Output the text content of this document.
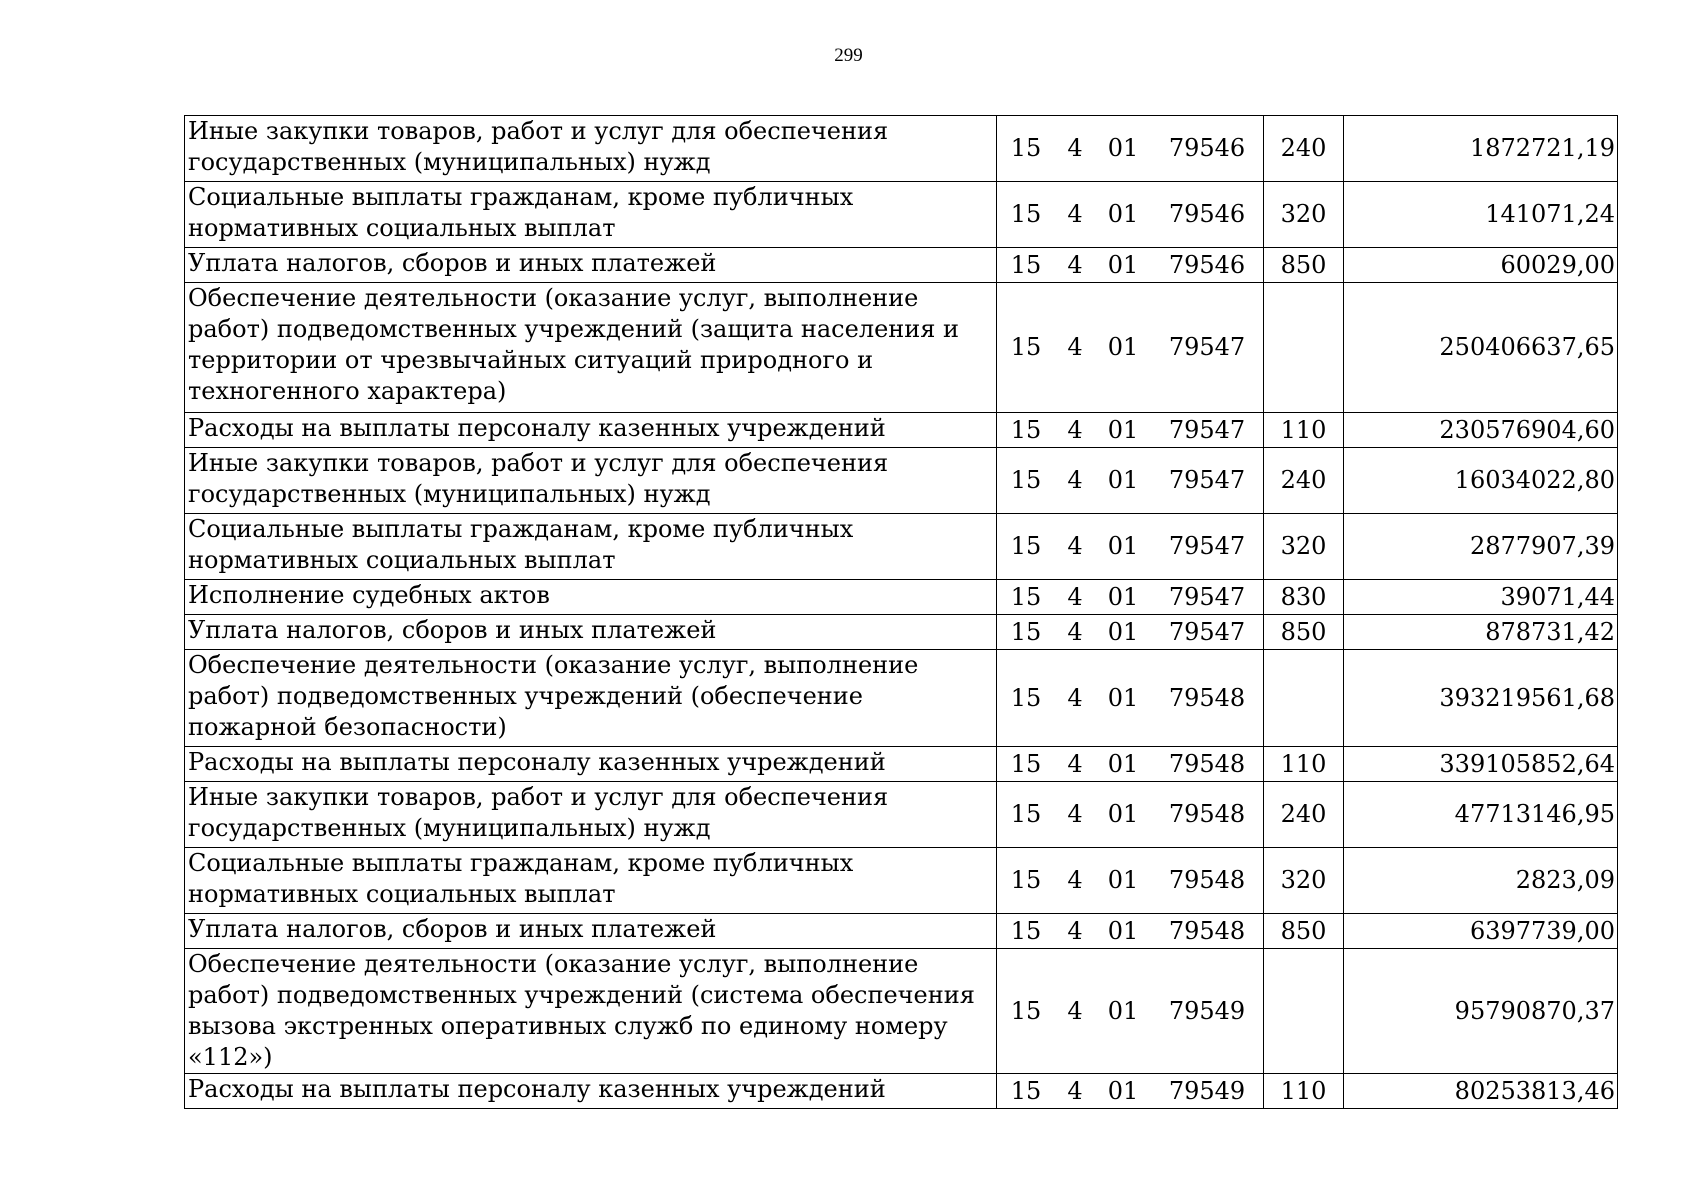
299
Иные закупки товаров, работ и услуг для обеспечения государственных (муниципальных) нужд	15 4 01 79546	240	1872721,19
Социальные выплаты гражданам, кроме публичных нормативных социальных выплат	15 4 01 79546	320	141071,24
Уплата налогов, сборов и иных платежей	15 4 01 79546	850	60029,00
Обеспечение деятельности (оказание услуг, выполнение работ) подведомственных учреждений (защита населения и территории от чрезвычайных ситуаций природного и техногенного характера)	15 4 01 79547		250406637,65
Расходы на выплаты персоналу казенных учреждений	15 4 01 79547	110	230576904,60
Иные закупки товаров, работ и услуг для обеспечения государственных (муниципальных) нужд	15 4 01 79547	240	16034022,80
Социальные выплаты гражданам, кроме публичных нормативных социальных выплат	15 4 01 79547	320	2877907,39
Исполнение судебных актов	15 4 01 79547	830	39071,44
Уплата налогов, сборов и иных платежей	15 4 01 79547	850	878731,42
Обеспечение деятельности (оказание услуг, выполнение работ) подведомственных учреждений (обеспечение пожарной безопасности)	15 4 01 79548		393219561,68
Расходы на выплаты персоналу казенных учреждений	15 4 01 79548	110	339105852,64
Иные закупки товаров, работ и услуг для обеспечения государственных (муниципальных) нужд	15 4 01 79548	240	47713146,95
Социальные выплаты гражданам, кроме публичных нормативных социальных выплат	15 4 01 79548	320	2823,09
Уплата налогов, сборов и иных платежей	15 4 01 79548	850	6397739,00
Обеспечение деятельности (оказание услуг, выполнение работ) подведомственных учреждений (система обеспечения вызова экстренных оперативных служб по единому номеру «112»)	15 4 01 79549		95790870,37
Расходы на выплаты персоналу казенных учреждений	15 4 01 79549	110	80253813,46
